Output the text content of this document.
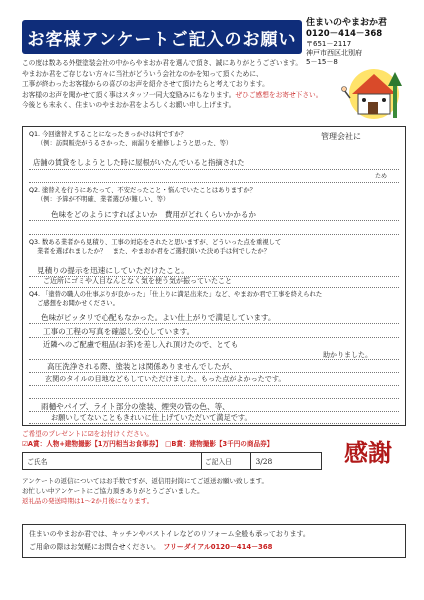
お客様アンケートご記入のお願い
住まいのやまおか君
0120－414－368
〒651－2117
神戸市西区北別府
5－15－8
この度は数ある外壁塗装会社の中からやまおか君を選んで頂き、誠にありがとうございます。
やまおか君をご存じない方々に当社がどういう会社なのかを知って頂くために、
工事が終わったお客様からの喜びのお声を紹介させて頂けたらと考えております。
お客様のお声を聞かせて頂く事はスタッフ一同大変励みにもなります。ぜひご感想をお寄せ下さい。
今後とも末永く、住まいのやまおか君をよろしくお願い申し上げます。
Q1. 今回塗替えすることになったきっかけは何ですか？
（例：訪問販売がうるさかった、雨漏りを補修しようと思った、等）
管理会社に
店舗の賃貸をしようとした時に屋根がいたんでいると指摘された
ため
Q2. 塗替えを行うにあたって、不安だったこと・悩んでいたことはありますか？
（例：予算が不明確、業者選びが難しい、等）
色味をどのようにすればよいか　費用がどれくらいかかるか
Q3. 数ある業者から見積り、工事の対応をされたと思いますが、どういった点を重視して
業者を選ばれましたか？　また、やまおか君をご選択頂いた決め手は何でしたか？
見積りの提示を迅速にしていただけたこと。
ご近所にゴミや人目なんとなく気を使う気が振っていたこと
Q4. 「塗替の職人の仕事ぶりが良かった」「仕上りに満足出来た」など、やまおか君で工事を終えられた
ご感想をお聞かせください。
色味がピッタリで心配もなかった。よい仕上がりで満足しています。
工事の工程の写真を確認し安心しています。
近隣へのご配慮で粗品(お茶)を差し入れ頂けたので、とても
助かりました。
高圧洗浄される際、塗装とは関係ありませんでしたが、
玄関のタイルの目地などもしていただけました。もった点がよかったです。
雨樋やパイプ、ライト部分の塗装、煙突の管の色、等、
お願いしてないこともきれいに仕上げていただいて満足です。
ご希望のプレゼントに☑をお付けください。
☑A賞：人物+建物撮影【1万円相当お食事券】　 □B賞：建物撮影【3千円の商品券】
ご氏名	ご記入日	3/28	感謝
アンケートの返信についてはお手数ですが、返信用封筒にてご返送お願い致します。
お忙しい中アンケートにご協力頂きありがとうございました。
返礼品の発送時期は1～2か月後になります。
住まいのやまおか君では、キッチンやバストイレなどのリフォーム全般も承っております。
ご用命の際はお気軽にお問合せください。　 フリーダイアル0120－414－368
